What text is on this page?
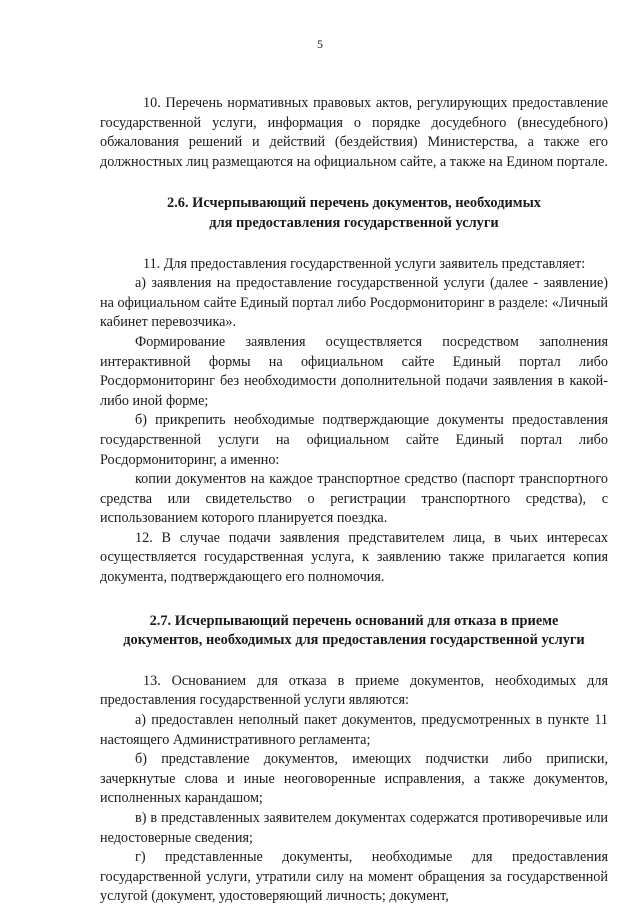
5

10. Перечень нормативных правовых актов, регулирующих предоставление государственной услуги, информация о порядке досудебного (внесудебного) обжалования решений и действий (бездействия) Министерства, а также его должностных лиц размещаются на официальном сайте, а также на Едином портале.

2.6. Исчерпывающий перечень документов, необходимых
для предоставления государственной услуги

11. Для предоставления государственной услуги заявитель представляет:

а) заявления на предоставление государственной услуги (далее - заявление) на официальном сайте Единый портал либо Росдормониторинг в разделе: «Личный кабинет перевозчика».

Формирование заявления осуществляется посредством заполнения интерактивной формы на официальном сайте Единый портал либо Росдормониторинг без необходимости дополнительной подачи заявления в какой-либо иной форме;

б) прикрепить необходимые подтверждающие документы предоставления государственной услуги на официальном сайте Единый портал либо Росдормониторинг, а именно:

копии документов на каждое транспортное средство (паспорт транспортного средства или свидетельство о регистрации транспортного средства), с использованием которого планируется поездка.

12. В случае подачи заявления представителем лица, в чьих интересах осуществляется государственная услуга, к заявлению также прилагается копия документа, подтверждающего его полномочия.

2.7. Исчерпывающий перечень оснований для отказа в приеме
документов, необходимых для предоставления государственной услуги

13. Основанием для отказа в приеме документов, необходимых для предоставления государственной услуги являются:

а) предоставлен неполный пакет документов, предусмотренных в пункте 11 настоящего Административного регламента;

б) представление документов, имеющих подчистки либо приписки, зачеркнутые слова и иные неоговоренные исправления, а также документов, исполненных карандашом;

в) в представленных заявителем документах содержатся противоречивые или недостоверные сведения;

г) представленные документы, необходимые для предоставления государственной услуги, утратили силу на момент обращения за государственной услугой (документ, удостоверяющий личность; документ,
